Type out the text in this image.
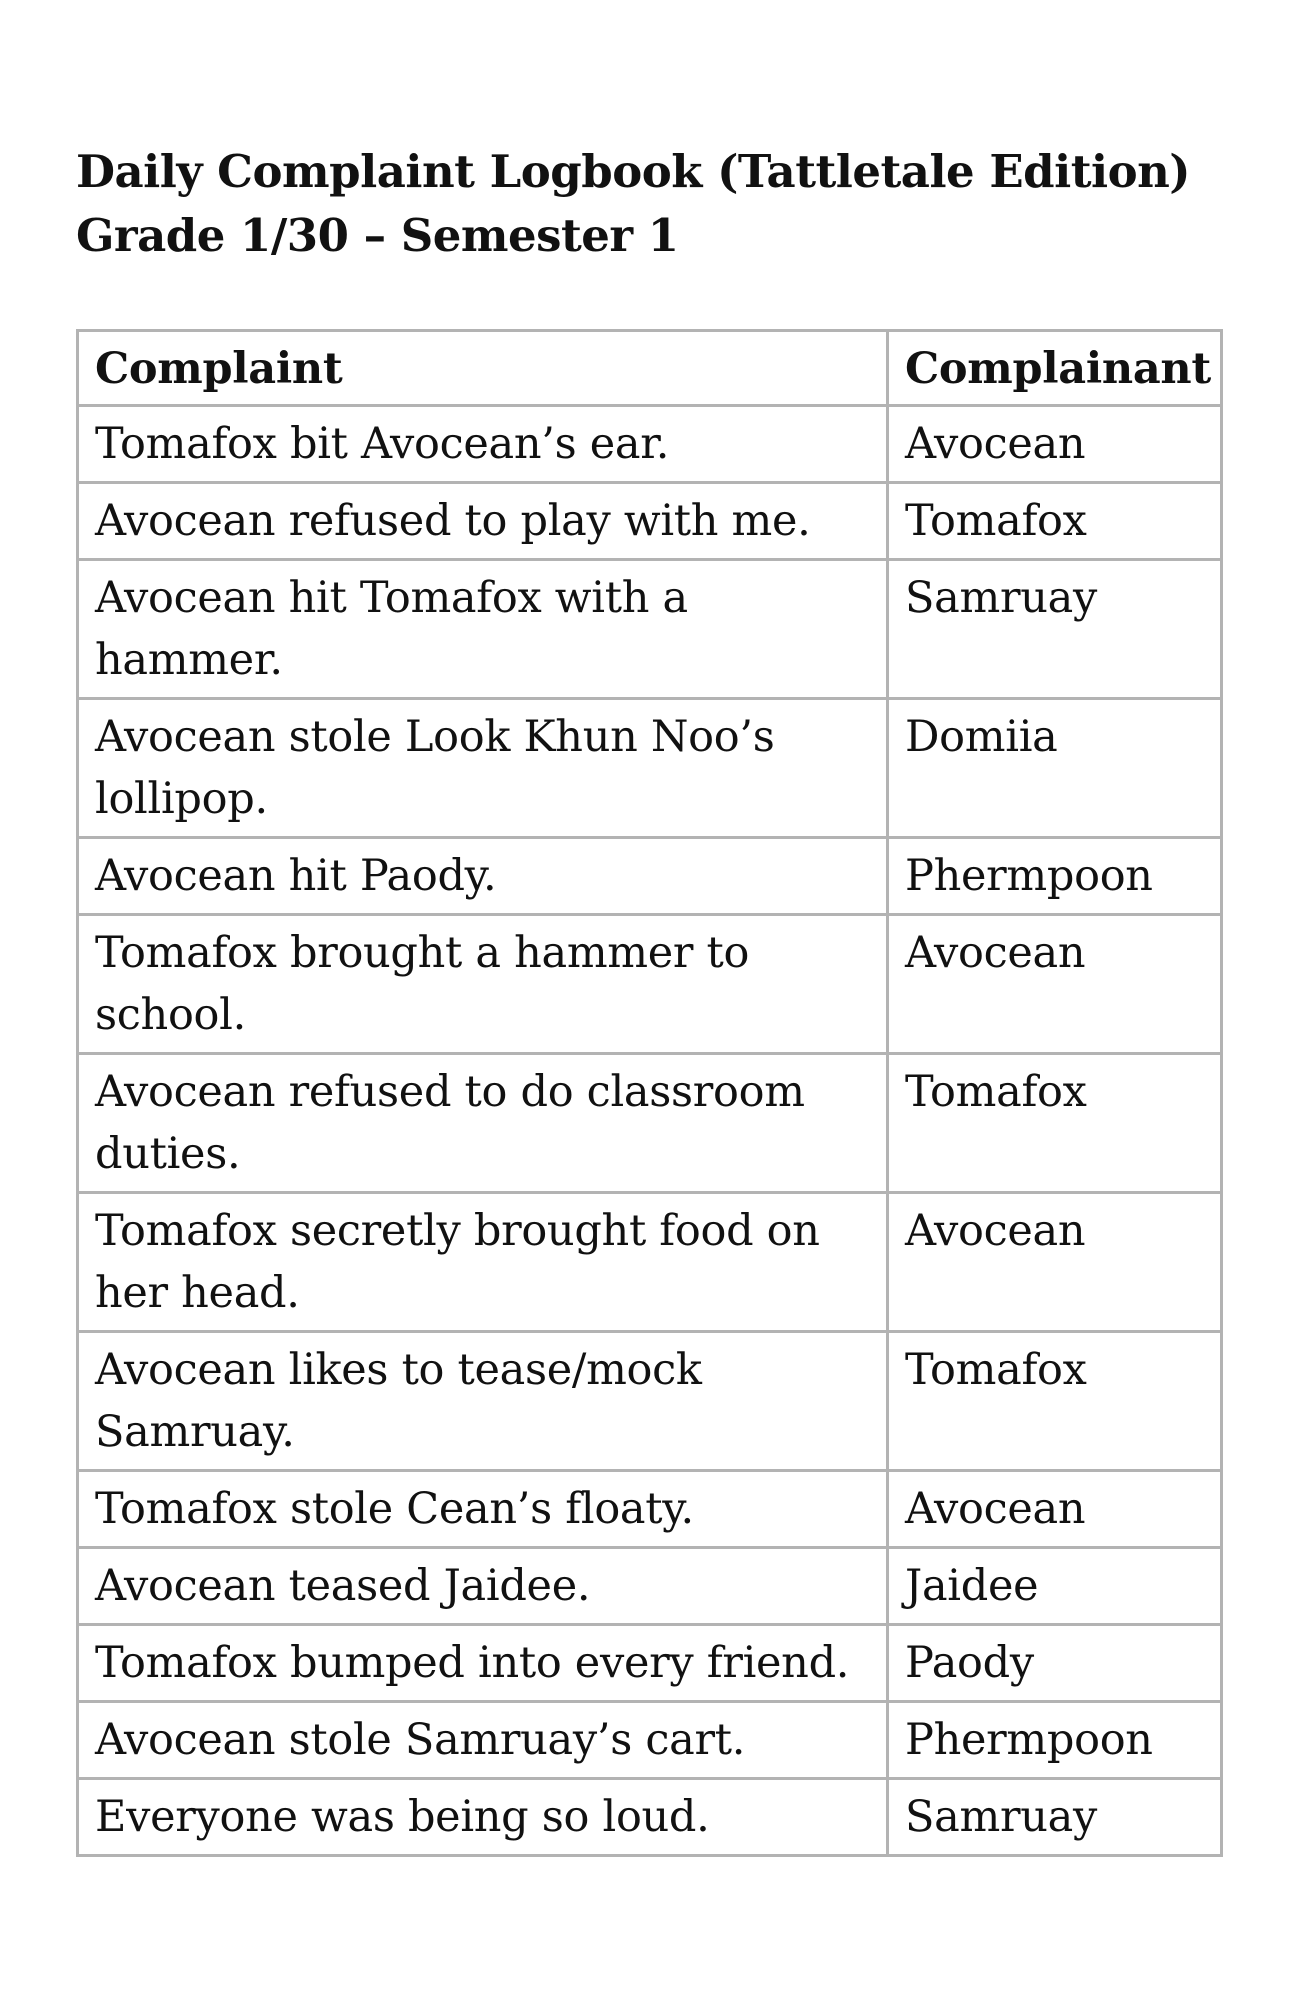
Daily Complaint Logbook (Tattletale Edition)
Grade 1/30 – Semester 1
Complaint	Complainant
Tomafox bit Avocean’s ear.	Avocean
Avocean refused to play with me.	Tomafox
Avocean hit Tomafox with a hammer.	Samruay
Avocean stole Look Khun Noo’s lollipop.	Domiia
Avocean hit Paody.	Phermpoon
Tomafox brought a hammer to school.	Avocean
Avocean refused to do classroom duties.	Tomafox
Tomafox secretly brought food on her head.	Avocean
Avocean likes to tease/mock Samruay.	Tomafox
Tomafox stole Cean’s floaty.	Avocean
Avocean teased Jaidee.	Jaidee
Tomafox bumped into every friend.	Paody
Avocean stole Samruay’s cart.	Phermpoon
Everyone was being so loud.	Samruay
